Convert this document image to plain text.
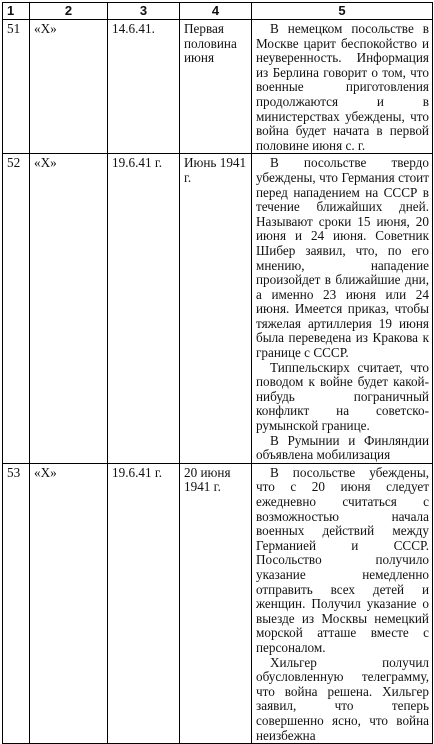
1	2	3	4	5
51	«X»	14.6.41.	Первая половина июня	В немецком посольстве в Москве царит беспокойство и неуверенность. Информация из Берлина говорит о том, что военные приготовления продолжаются и в министерствах убеждены, что война будет начата в первой половине июня с. г.

52	«X»	19.6.41 г.	Июнь 1941 г.	В посольстве твердо убеждены, что Германия стоит перед нападением на СССР в течение ближайших дней. Называют сроки 15 июня, 20 июня и 24 июня. Советник Шибер заявил, что, по его мнению, нападение произойдет в ближайшие дни, а именно 23 июня или 24 июня. Имеется приказ, чтобы тяжелая артиллерия 19 июня была переведена из Кракова к границе с СССР.

Типпельскирх считает, что поводом к войне будет какой-нибудь пограничный конфликт на советско-румынской границе.

В Румынии и Финляндии объявлена мобилизация

53	«X»	19.6.41 г.	20 июня 1941 г.	В посольстве убеждены, что с 20 июня следует ежедневно считаться с возможностью начала военных действий между Германией и СССР. Посольство получило указание немедленно отправить всех детей и женщин. Получил указание о выезде из Москвы немецкий морской атташе вместе с персоналом.

Хильгер получил обусловленную телеграмму, что война решена. Хильгер заявил, что теперь совершенно ясно, что война неизбежна
